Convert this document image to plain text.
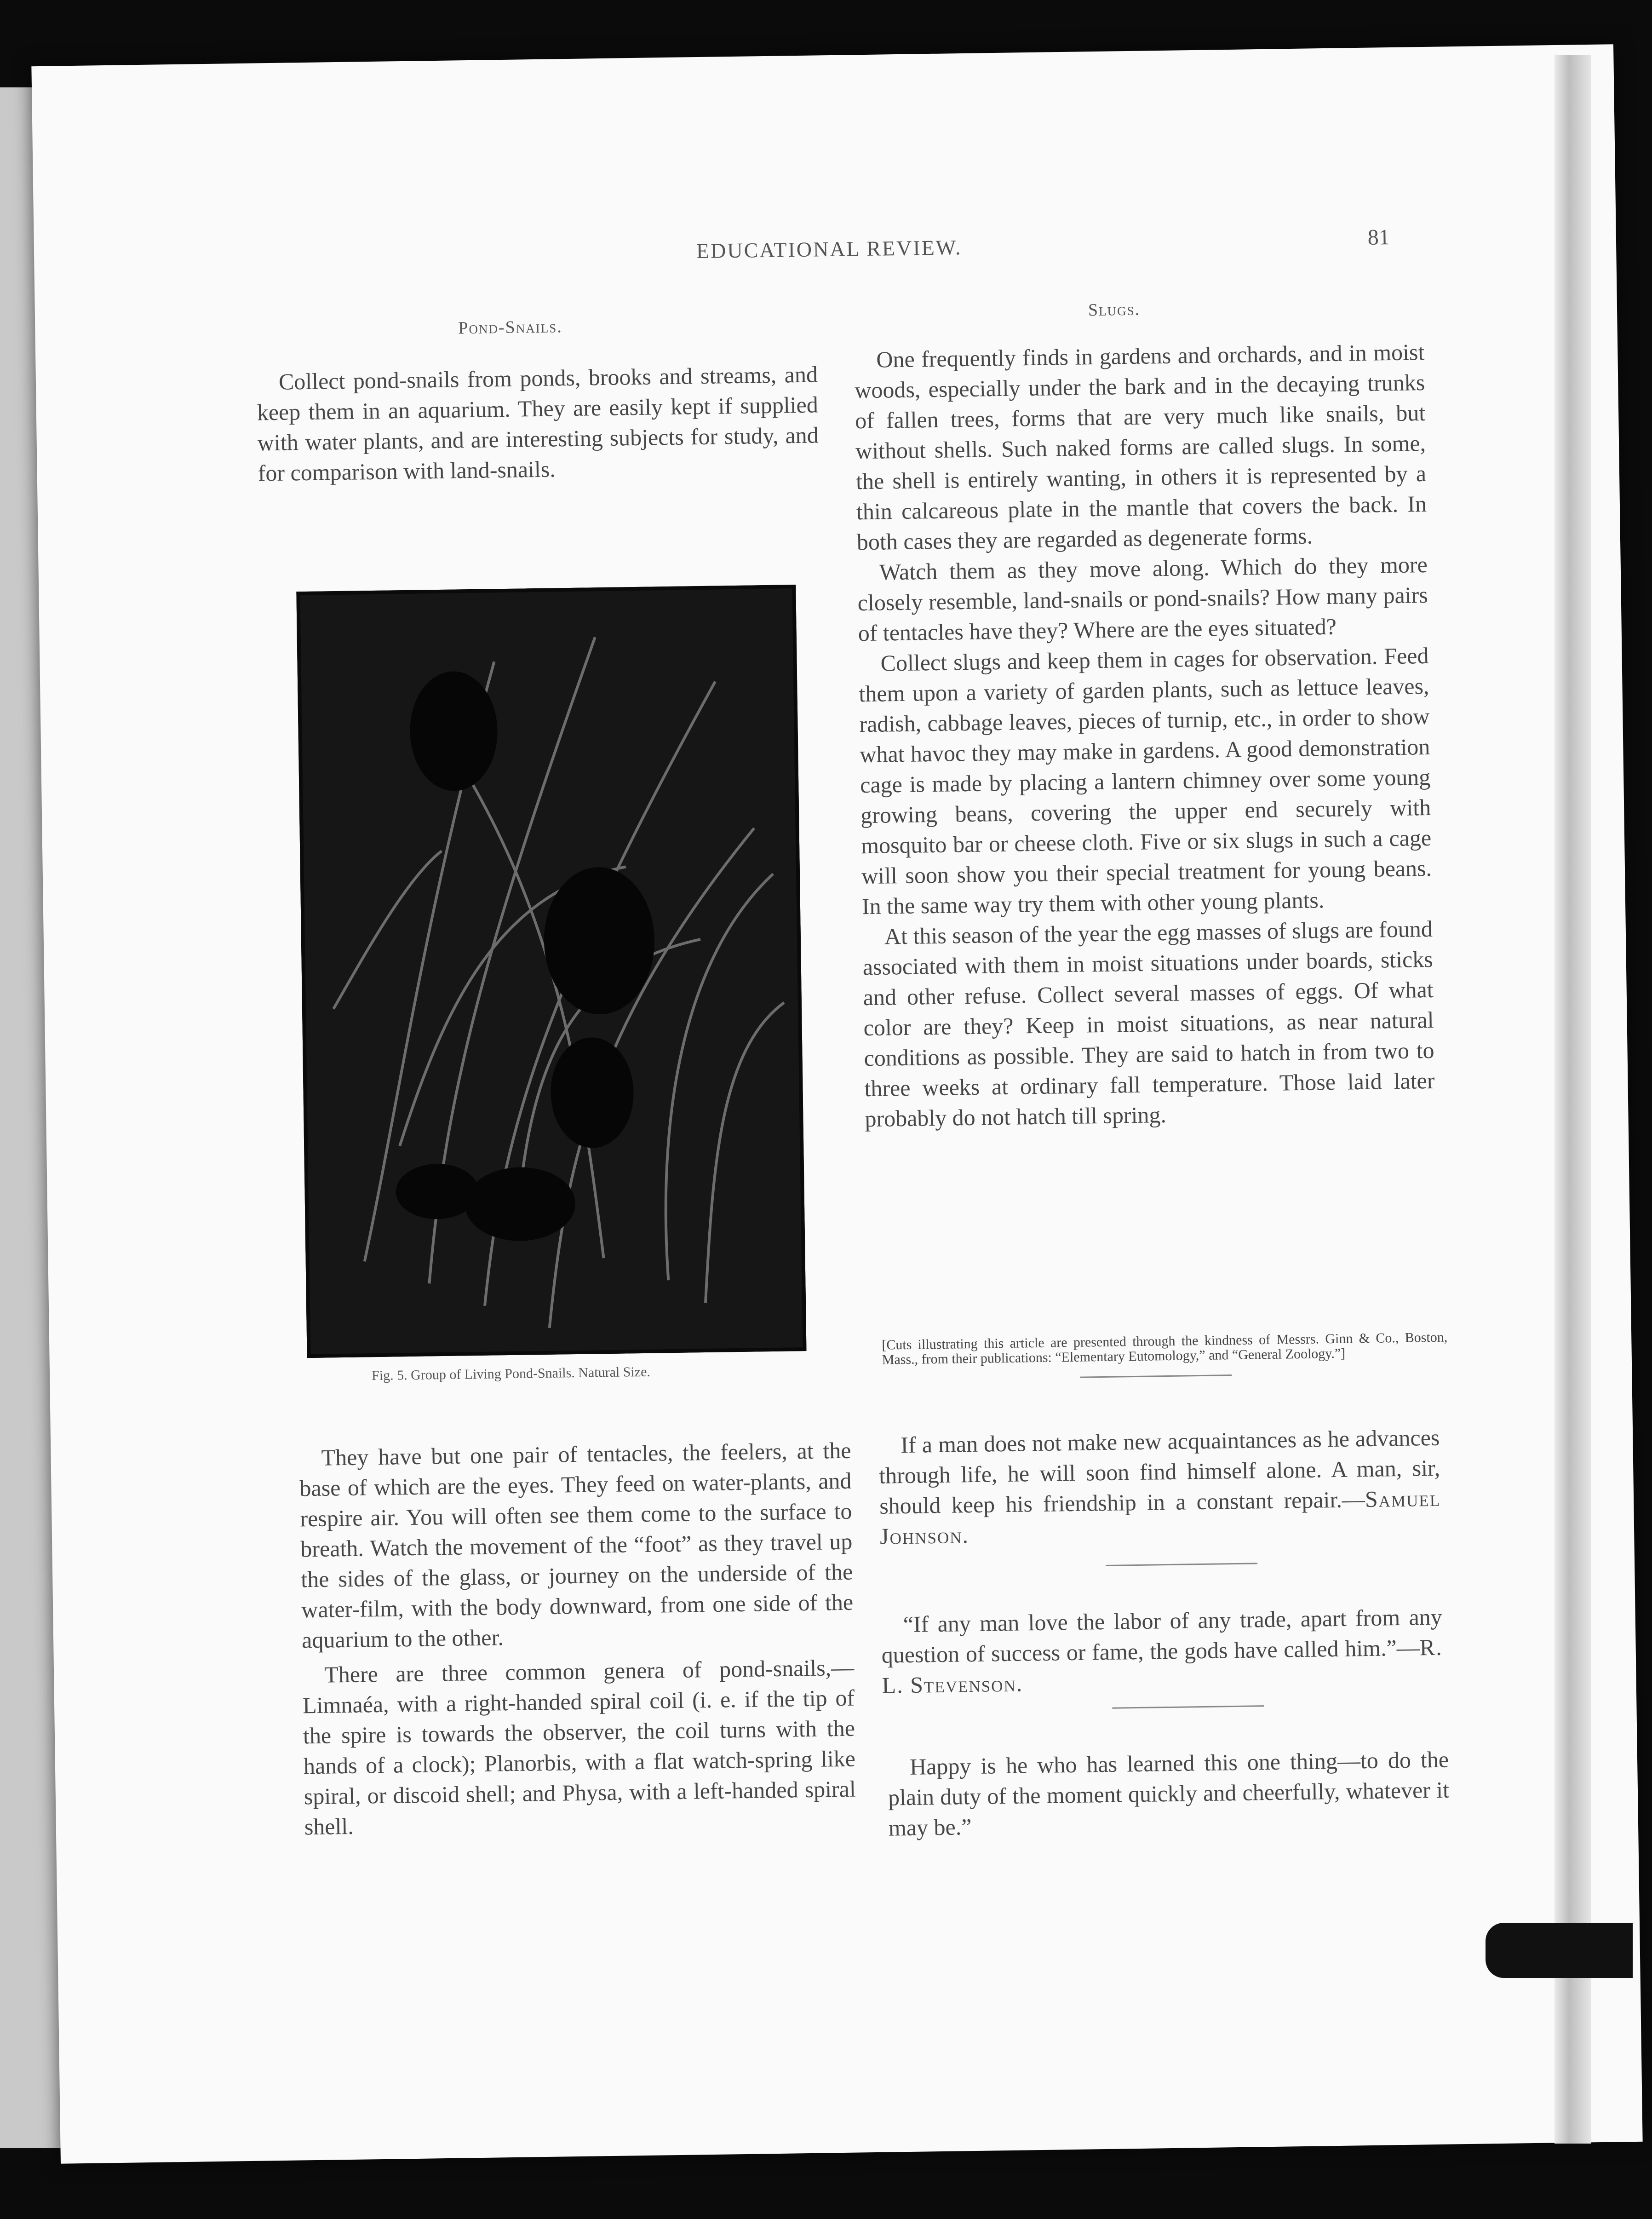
EDUCATIONAL REVIEW.	81
Pond-Snails.

Collect pond-snails from ponds, brooks and streams, and keep them in an aquarium. They are easily kept if supplied with water plants, and are interesting subjects for study, and for comparison with land-snails.

Fig. 5. Group of Living Pond-Snails. Natural Size.

They have but one pair of tentacles, the feelers, at the base of which are the eyes. They feed on water-plants, and respire air. You will often see them come to the surface to breath. Watch the movement of the “foot” as they travel up the sides of the glass, or journey on the underside of the water-film, with the body downward, from one side of the aquarium to the other.

There are three common genera of pond-snails,— Limnaéa, with a right-handed spiral coil (i. e. if the tip of the spire is towards the observer, the coil turns with the hands of a clock); Planorbis, with a flat watch-spring like spiral, or discoid shell; and Physa, with a left-handed spiral shell.

Slugs.

One frequently finds in gardens and orchards, and in moist woods, especially under the bark and in the decaying trunks of fallen trees, forms that are very much like snails, but without shells. Such naked forms are called slugs. In some, the shell is entirely wanting, in others it is represented by a thin calcareous plate in the mantle that covers the back. In both cases they are regarded as degenerate forms.

Watch them as they move along. Which do they more closely resemble, land-snails or pond-snails? How many pairs of tentacles have they? Where are the eyes situated?

Collect slugs and keep them in cages for observation. Feed them upon a variety of garden plants, such as lettuce leaves, radish, cabbage leaves, pieces of turnip, etc., in order to show what havoc they may make in gardens. A good demonstration cage is made by placing a lantern chimney over some young growing beans, covering the upper end securely with mosquito bar or cheese cloth. Five or six slugs in such a cage will soon show you their special treatment for young beans. In the same way try them with other young plants.

At this season of the year the egg masses of slugs are found associated with them in moist situations under boards, sticks and other refuse. Collect several masses of eggs. Of what color are they? Keep in moist situations, as near natural conditions as possible. They are said to hatch in from two to three weeks at ordinary fall temperature. Those laid later probably do not hatch till spring.

[Cuts illustrating this article are presented through the kindness of Messrs. Ginn & Co., Boston, Mass., from their publications: “Elementary Eutomology,” and “General Zoology.”]

If a man does not make new acquaintances as he advances through life, he will soon find himself alone. A man, sir, should keep his friendship in a constant repair.—Samuel Johnson.

“If any man love the labor of any trade, apart from any question of success or fame, the gods have called him.”—R. L. Stevenson.

Happy is he who has learned this one thing—to do the plain duty of the moment quickly and cheerfully, whatever it may be.”
